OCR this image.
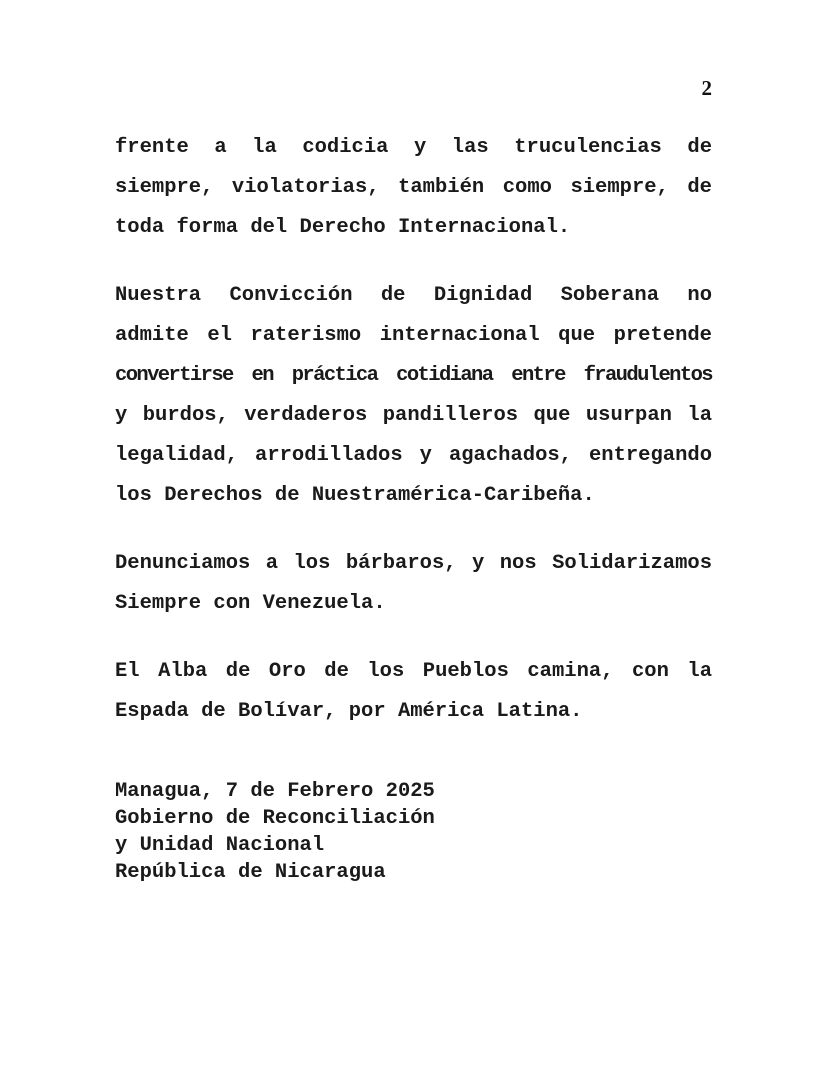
2

frente a la codicia y las truculencias de
siempre, violatorias, también como siempre, de
toda forma del Derecho Internacional.

Nuestra Convicción de Dignidad Soberana no
admite el raterismo internacional que pretende
convertirse en práctica cotidiana entre fraudulentos
y burdos, verdaderos pandilleros que usurpan la
legalidad, arrodillados y agachados, entregando
los Derechos de Nuestramérica-Caribeña.

Denunciamos a los bárbaros, y nos Solidarizamos
Siempre con Venezuela.

El Alba de Oro de los Pueblos camina, con la
Espada de Bolívar, por América Latina.

Managua, 7 de Febrero 2025
Gobierno de Reconciliación
y Unidad Nacional
República de Nicaragua
